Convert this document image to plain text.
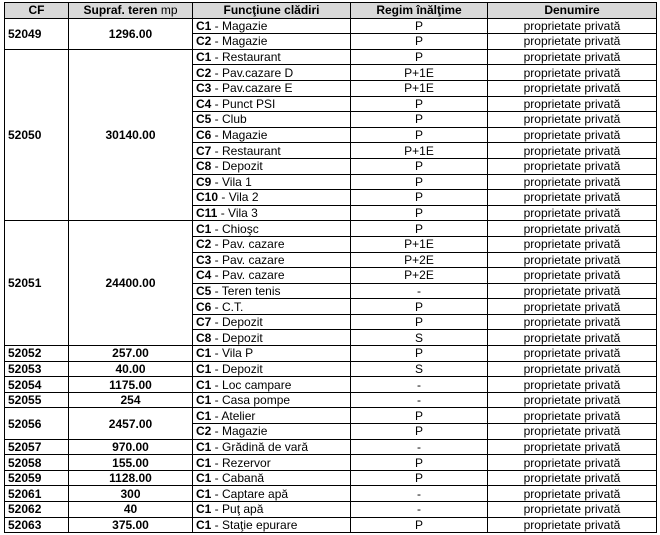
CF	Supraf. teren mp	Funcţiune clădiri	Regim înălţime	Denumire
52049	1296.00	C1 - Magazie	P	proprietate privată
		C2 - Magazie	P	proprietate privată
52050	30140.00	C1 - Restaurant	P	proprietate privată
		C2 - Pav.cazare D	P+1E	proprietate privată
		C3 - Pav.cazare E	P+1E	proprietate privată
		C4 - Punct PSI	P	proprietate privată
		C5 - Club	P	proprietate privată
		C6 - Magazie	P	proprietate privată
		C7 - Restaurant	P+1E	proprietate privată
		C8 - Depozit	P	proprietate privată
		C9 - Vila 1	P	proprietate privată
		C10 - Vila 2	P	proprietate privată
		C11 - Vila 3	P	proprietate privată
52051	24400.00	C1 - Chioşc	P	proprietate privată
		C2 - Pav. cazare	P+1E	proprietate privată
		C3 - Pav. cazare	P+2E	proprietate privată
		C4 - Pav. cazare	P+2E	proprietate privată
		C5 - Teren tenis	-	proprietate privată
		C6 - C.T.	P	proprietate privată
		C7 - Depozit	P	proprietate privată
		C8 - Depozit	S	proprietate privată
52052	257.00	C1 - Vila P	P	proprietate privată
52053	40.00	C1 - Depozit	S	proprietate privată
52054	1175.00	C1 - Loc campare	-	proprietate privată
52055	254	C1 - Casa pompe	-	proprietate privată
52056	2457.00	C1 - Atelier	P	proprietate privată
		C2 - Magazie	P	proprietate privată
52057	970.00	C1 - Grădină de vară	-	proprietate privată
52058	155.00	C1 - Rezervor	P	proprietate privată
52059	1128.00	C1 - Cabană	P	proprietate privată
52061	300	C1 - Captare apă	-	proprietate privată
52062	40	C1 - Puţ apă	-	proprietate privată
52063	375.00	C1 - Staţie epurare	P	proprietate privată
